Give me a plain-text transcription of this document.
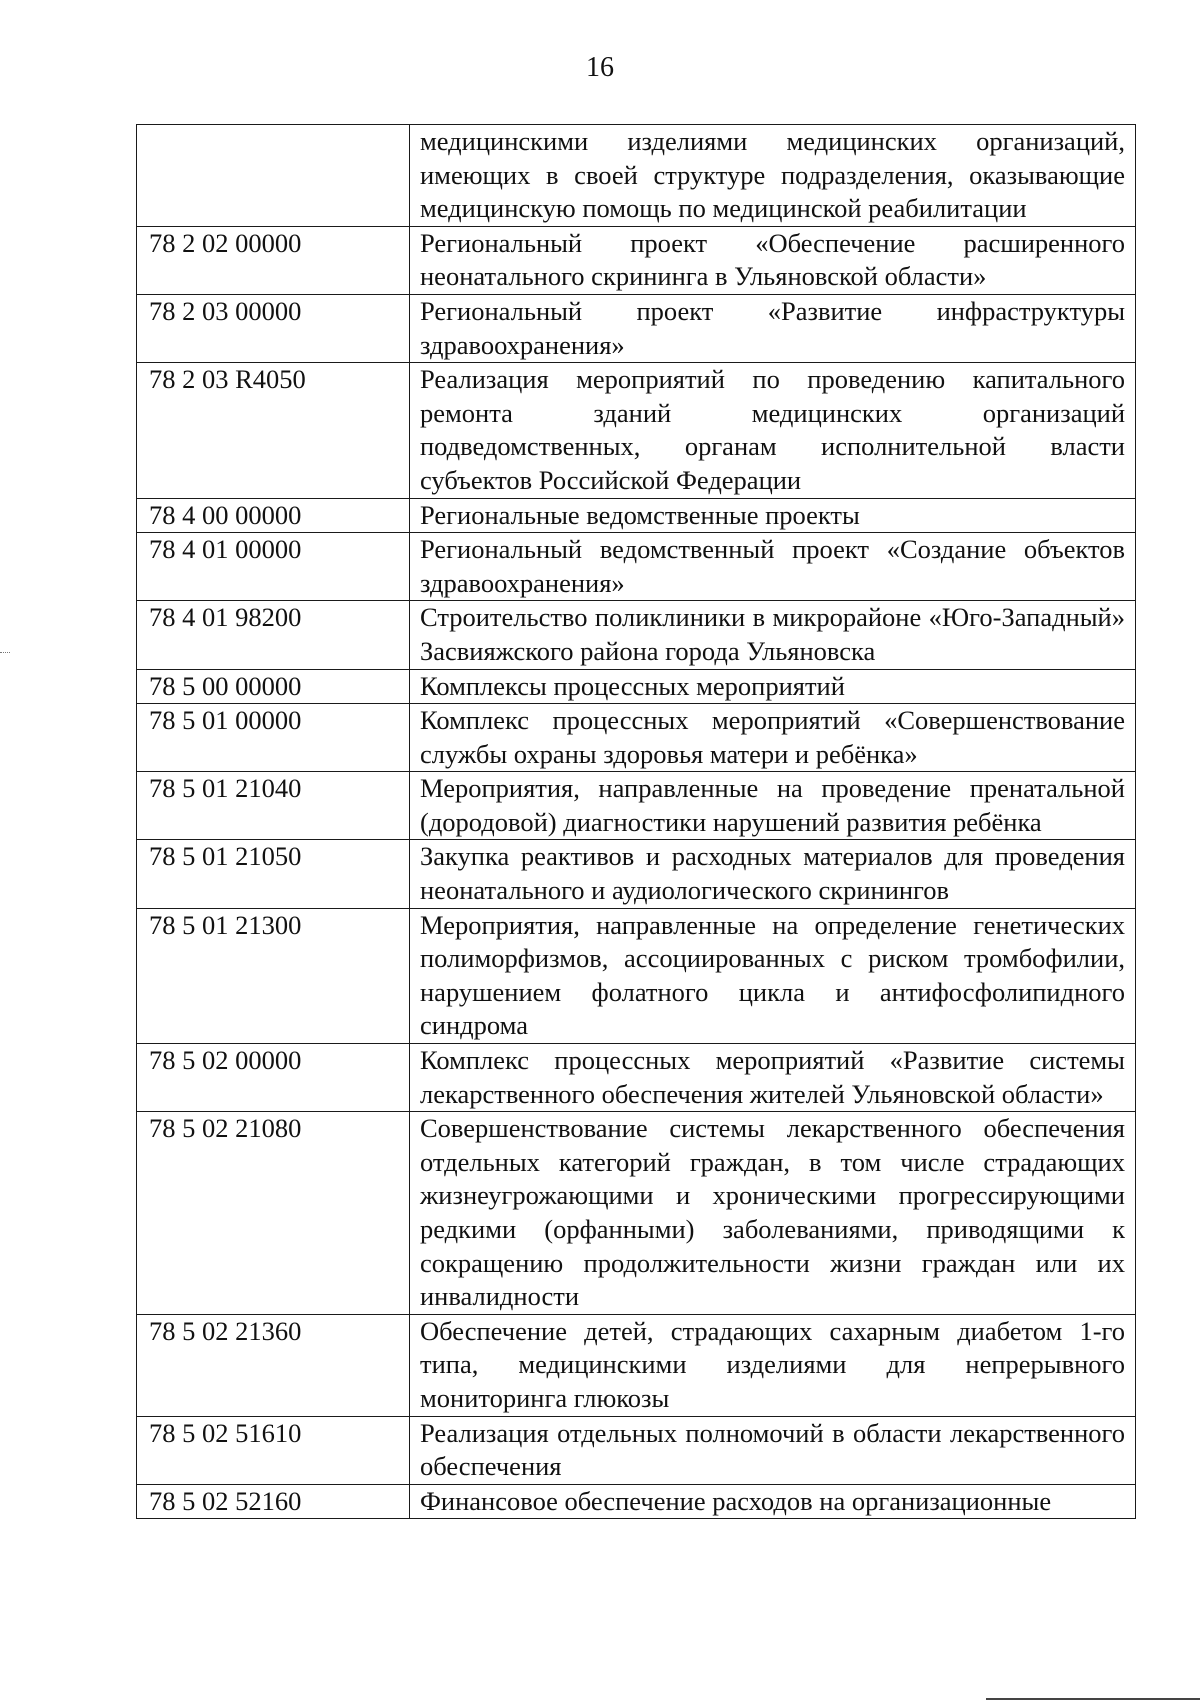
16
	медицинскими изделиями медицинских организаций, имеющих в своей структуре подразделения, оказывающие медицинскую помощь по медицинской реабилитации
78 2 02 00000	Региональный проект «Обеспечение расширенного неонатального скрининга в Ульяновской области»
78 2 03 00000	Региональный проект «Развитие инфраструктуры здравоохранения»
78 2 03 R4050	Реализация мероприятий по проведению капитального ремонта зданий медицинских организаций подведомственных, органам исполнительной власти субъектов Российской Федерации
78 4 00 00000	Региональные ведомственные проекты
78 4 01 00000	Региональный ведомственный проект «Создание объектов здравоохранения»
78 4 01 98200	Строительство поликлиники в микрорайоне «Юго-Западный» Засвияжского района города Ульяновска
78 5 00 00000	Комплексы процессных мероприятий
78 5 01 00000	Комплекс процессных мероприятий «Совершенствование службы охраны здоровья матери и ребёнка»
78 5 01 21040	Мероприятия, направленные на проведение пренатальной (дородовой) диагностики нарушений развития ребёнка
78 5 01 21050	Закупка реактивов и расходных материалов для проведения неонатального и аудиологического скринингов
78 5 01 21300	Мероприятия, направленные на определение генетических полиморфизмов, ассоциированных с риском тромбофилии, нарушением фолатного цикла и антифосфолипидного синдрома
78 5 02 00000	Комплекс процессных мероприятий «Развитие системы лекарственного обеспечения жителей Ульяновской области»
78 5 02 21080	Совершенствование системы лекарственного обеспечения отдельных категорий граждан, в том числе страдающих жизнеугрожающими и хроническими прогрессирующими редкими (орфанными) заболеваниями, приводящими к сокращению продолжительности жизни граждан или их инвалидности
78 5 02 21360	Обеспечение детей, страдающих сахарным диабетом 1-го типа, медицинскими изделиями для непрерывного мониторинга глюкозы
78 5 02 51610	Реализация отдельных полномочий в области лекарственного обеспечения
78 5 02 52160	Финансовое обеспечение расходов на организационные
